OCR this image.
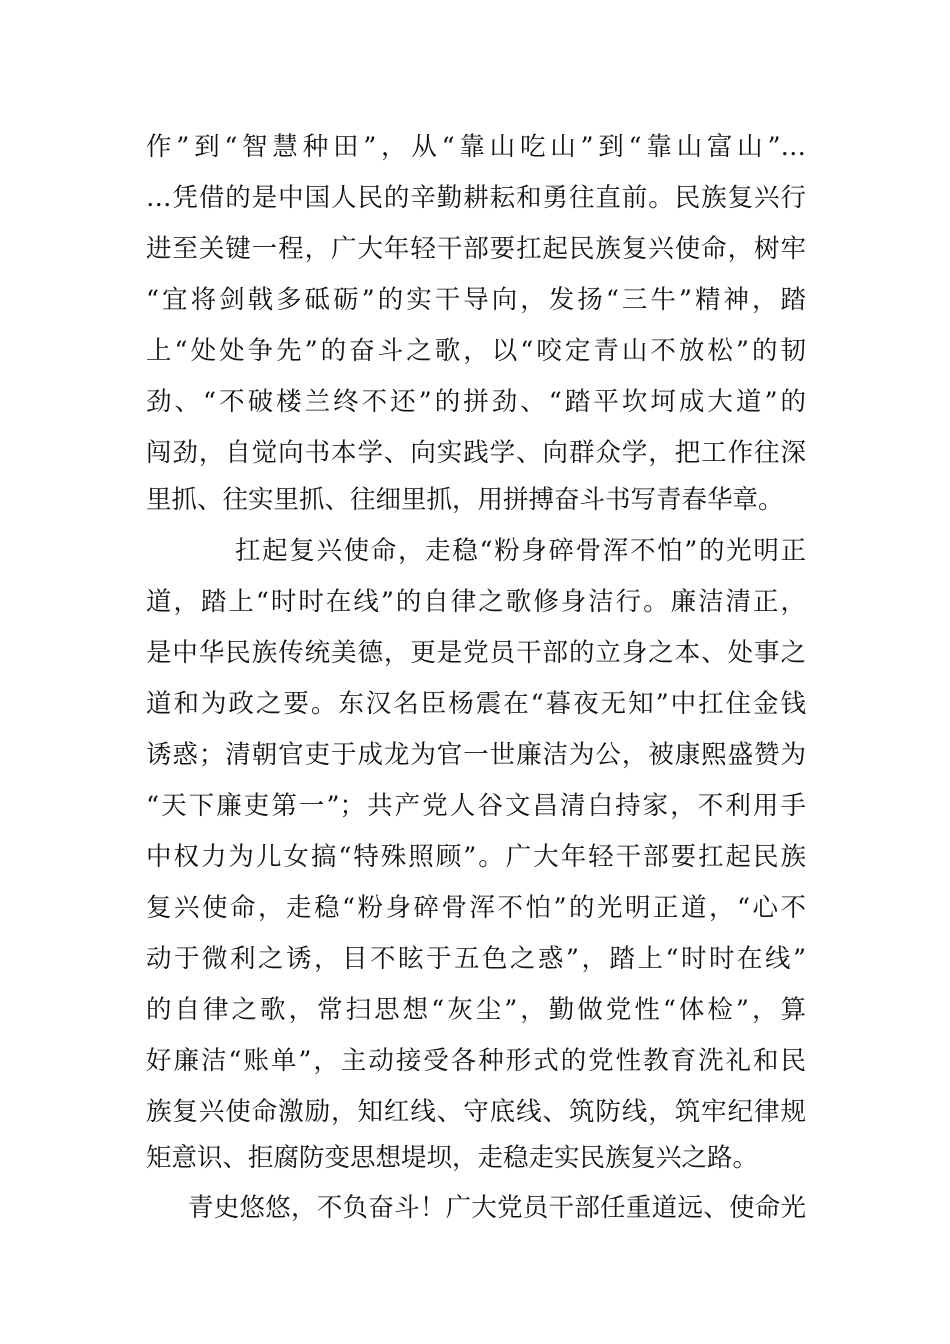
作”到“智慧种田”，从“靠山吃山”到“靠山富山”…
…凭借的是中国人民的辛勤耕耘和勇往直前。民族复兴行
进至关键一程，广大年轻干部要扛起民族复兴使命，树牢
“宜将剑戟多砥砺”的实干导向，发扬“三牛”精神，踏
上“处处争先”的奋斗之歌，以“咬定青山不放松”的韧
劲、“不破楼兰终不还”的拼劲、“踏平坎坷成大道”的
闯劲，自觉向书本学、向实践学、向群众学，把工作往深
里抓、往实里抓、往细里抓，用拼搏奋斗书写青春华章。
扛起复兴使命，走稳“粉身碎骨浑不怕”的光明正
道，踏上“时时在线”的自律之歌修身洁行。廉洁清正，
是中华民族传统美德，更是党员干部的立身之本、处事之
道和为政之要。东汉名臣杨震在“暮夜无知”中扛住金钱
诱惑；清朝官吏于成龙为官一世廉洁为公，被康熙盛赞为
“天下廉吏第一”；共产党人谷文昌清白持家，不利用手
中权力为儿女搞“特殊照顾”。广大年轻干部要扛起民族
复兴使命，走稳“粉身碎骨浑不怕”的光明正道，“心不
动于微利之诱，目不眩于五色之惑”，踏上“时时在线”
的自律之歌，常扫思想“灰尘”，勤做党性“体检”，算
好廉洁“账单”，主动接受各种形式的党性教育洗礼和民
族复兴使命激励，知红线、守底线、筑防线，筑牢纪律规
矩意识、拒腐防变思想堤坝，走稳走实民族复兴之路。
青史悠悠，不负奋斗！广大党员干部任重道远、使命光
